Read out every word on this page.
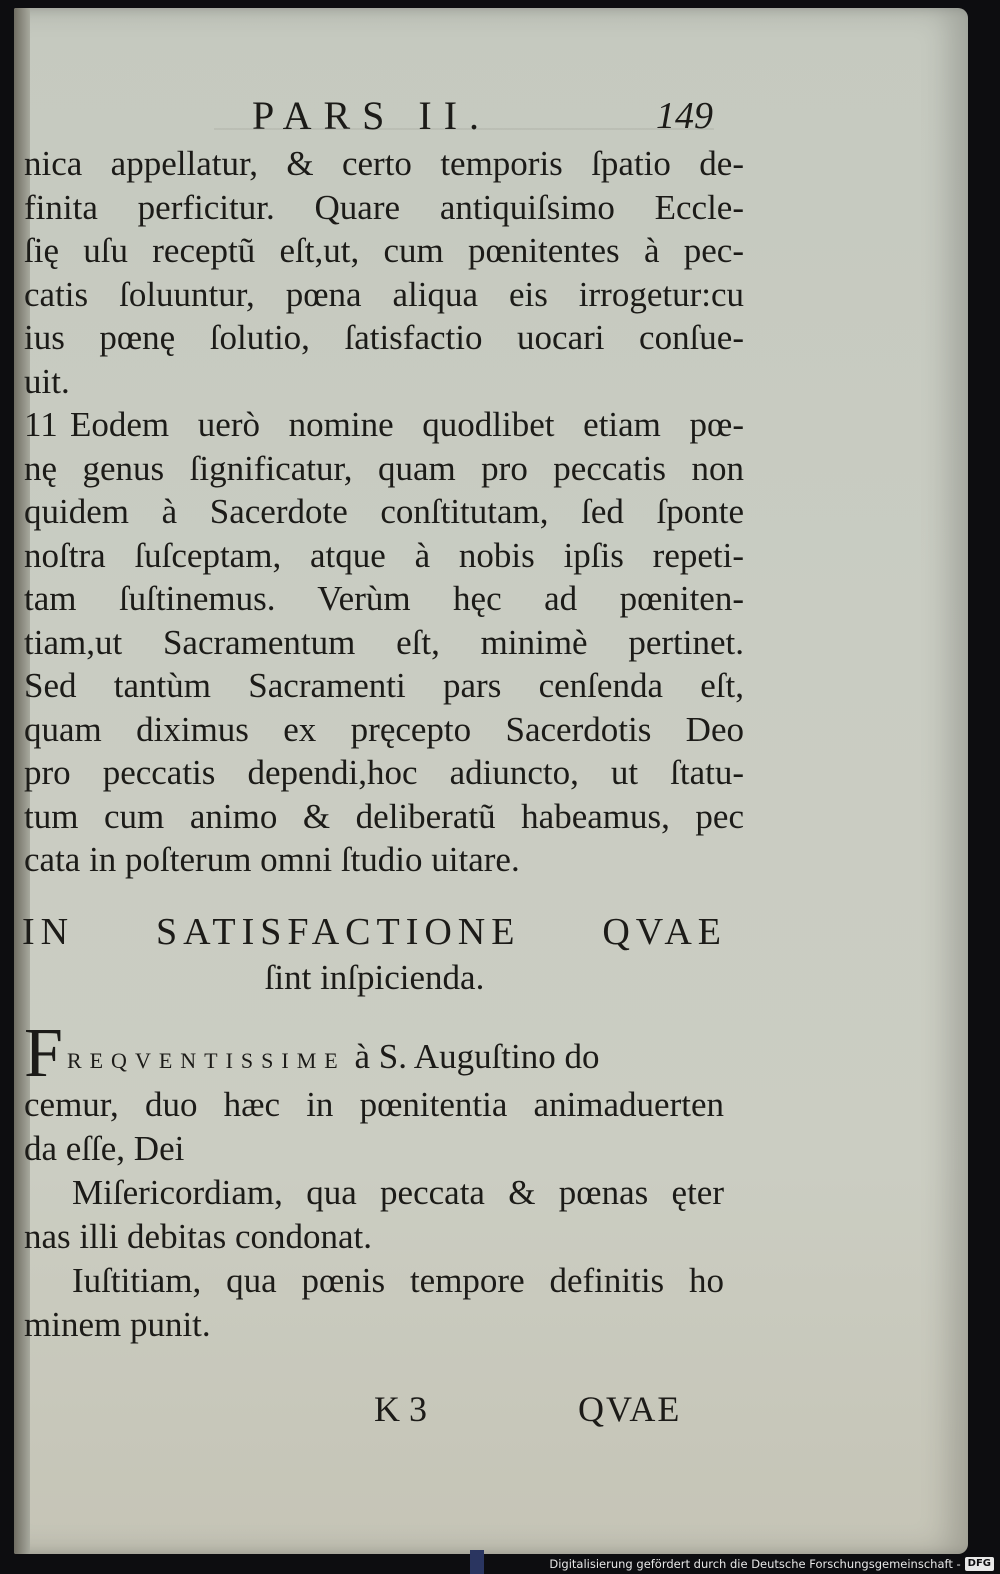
PARS II.	149
nica appellatur, & certo temporis ſpatio de-
finita perficitur. Quare antiquiſsimo Eccle-
ſię uſu receptũ eſt,ut, cum pœnitentes à pec-
catis ſoluuntur, pœna aliqua eis irrogetur:cu
ius pœnę ſolutio, ſatisfactio uocari conſue-
uit.
11 Eodem uerò nomine quodlibet etiam pœ-
nę genus ſignificatur, quam pro peccatis non
quidem à Sacerdote conſtitutam, ſed ſponte
noſtra ſuſceptam, atque à nobis ipſis repeti-
tam ſuſtinemus. Verùm hęc ad pœniten-
tiam,ut Sacramentum eſt, minimè pertinet.
Sed tantùm Sacramenti pars cenſenda eſt,
quam diximus ex pręcepto Sacerdotis Deo
pro peccatis dependi,hoc adiuncto, ut ſtatu-
tum cum animo & deliberatũ habeamus, pec
cata in poſterum omni ſtudio uitare.
IN SATISFACTIONE QVAE
ſint inſpicienda.
FREQVENTISSIME à S. Auguſtino do
cemur, duo hæc in pœnitentia animaduerten
da eſſe, Dei
Miſericordiam, qua peccata & pœnas ęter
nas illi debitas condonat.
Iuſtitiam, qua pœnis tempore definitis ho
minem punit.
K 3	QVAE
Digitalisierung gefördert durch die Deutsche Forschungsgemeinschaft - DFG
